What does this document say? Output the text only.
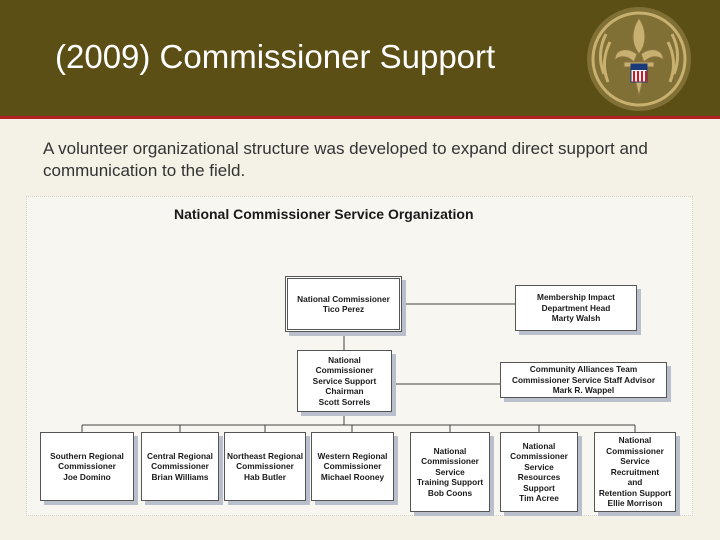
(2009) Commissioner Support
A volunteer organizational structure was developed to expand direct support and communication to the field.
National Commissioner Service Organization
National Commissioner
Tico Perez
Membership Impact
Department Head
Marty Walsh
National
Commissioner
Service Support
Chairman
Scott Sorrels
Community Alliances Team
Commissioner Service Staff Advisor
Mark R. Wappel
Southern Regional
Commissioner
Joe Domino
Central Regional
Commissioner
Brian Williams
Northeast Regional
Commissioner
Hab Butler
Western Regional
Commissioner
Michael Rooney
National
Commissioner
Service
Training Support
Bob Coons
National
Commissioner
Service
Resources
Support
Tim Acree
National
Commissioner
Service
Recruitment
and
Retention Support
Ellie Morrison
